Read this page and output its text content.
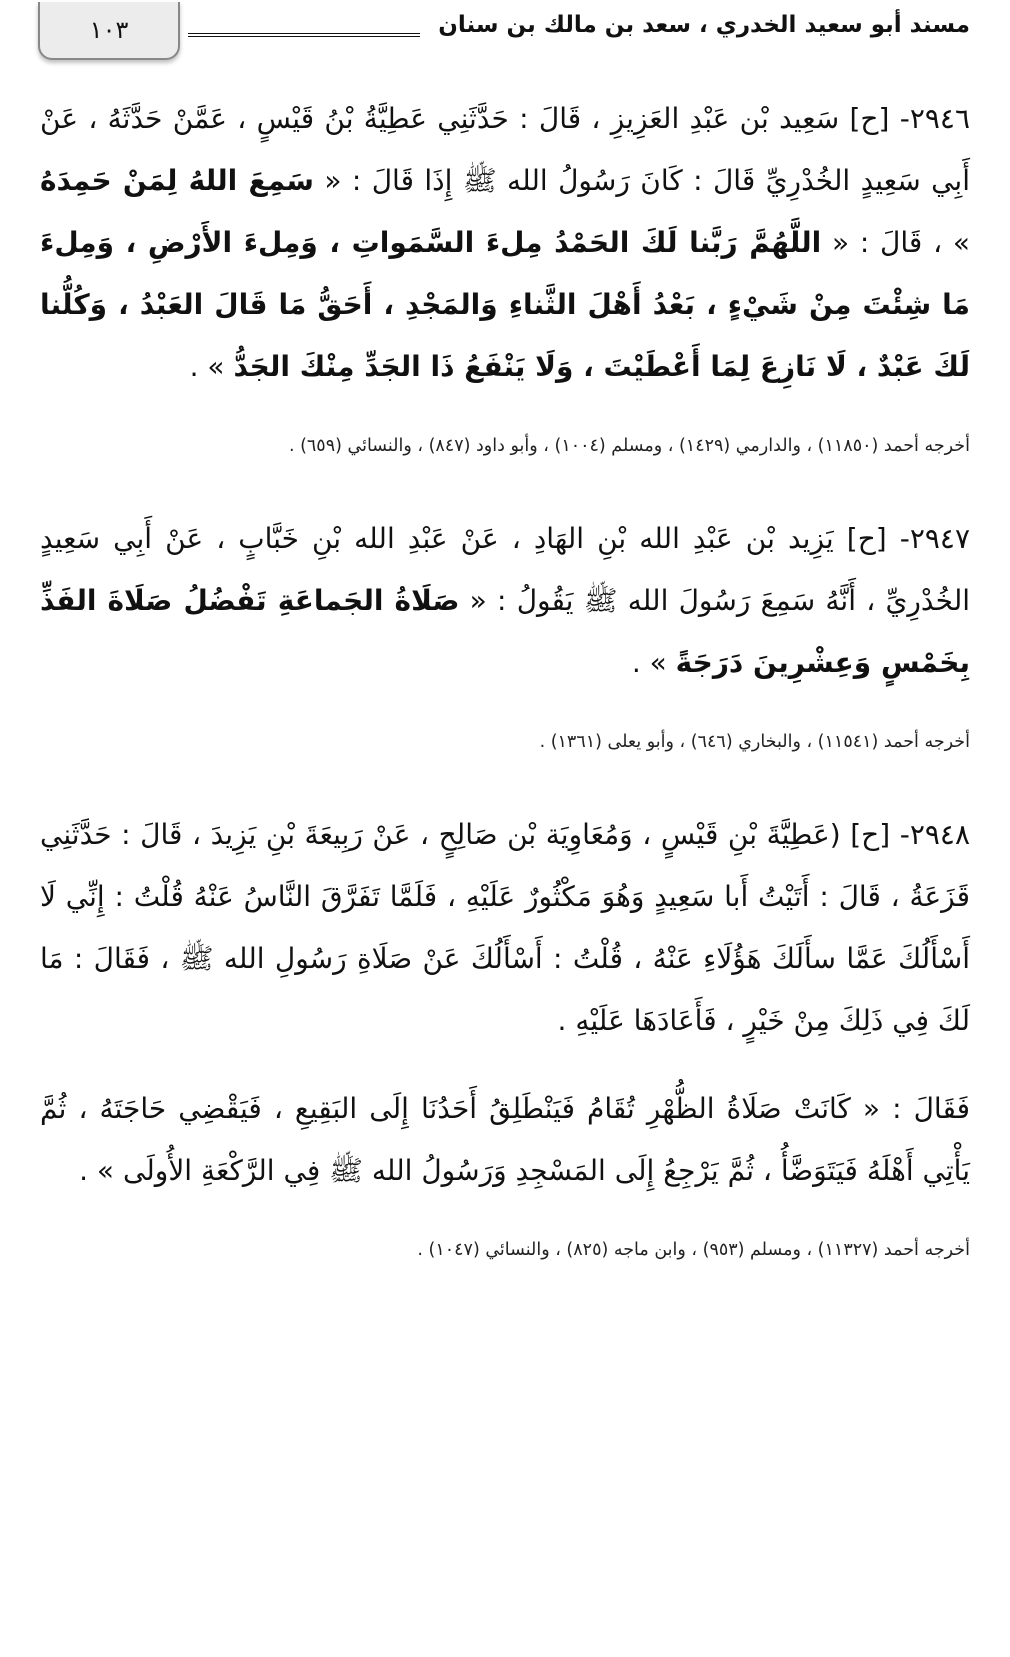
١٠٣	مسند أبو سعيد الخدري ، سعد بن مالك بن سنان

٢٩٤٦- [ح] سَعِيد بْن عَبْدِ العَزِيزِ ، قَالَ : حَدَّثَنِي عَطِيَّةُ بْنُ قَيْسٍ ، عَمَّنْ حَدَّثَهُ ، عَنْ أَبِي سَعِيدٍ الخُدْرِيِّ قَالَ : كَانَ رَسُولُ الله ﷺ إِذَا قَالَ : « سَمِعَ اللهُ لِمَنْ حَمِدَهُ » ، قَالَ : « اللَّهُمَّ رَبَّنا لَكَ الحَمْدُ مِلءَ السَّمَواتِ ، وَمِلءَ الأَرْضِ ، وَمِلءَ مَا شِئْتَ مِنْ شَيْءٍ ، بَعْدُ أَهْلَ الثَّناءِ وَالمَجْدِ ، أَحَقُّ مَا قَالَ العَبْدُ ، وَكُلُّنا لَكَ عَبْدٌ ، لَا نَازِعَ لِمَا أَعْطَيْتَ ، وَلَا يَنْفَعُ ذَا الجَدِّ مِنْكَ الجَدُّ » .

أخرجه أحمد (١١٨٥٠) ، والدارمي (١٤٢٩) ، ومسلم (١٠٠٤) ، وأبو داود (٨٤٧) ، والنسائي (٦٥٩) .

٢٩٤٧- [ح] يَزِيد بْن عَبْدِ الله بْنِ الهَادِ ، عَنْ عَبْدِ الله بْنِ خَبَّابٍ ، عَنْ أَبِي سَعِيدٍ الخُدْرِيِّ ، أَنَّهُ سَمِعَ رَسُولَ الله ﷺ يَقُولُ : « صَلَاةُ الجَماعَةِ تَفْضُلُ صَلَاةَ الفَذِّ بِخَمْسٍ وَعِشْرِينَ دَرَجَةً » .

أخرجه أحمد (١١٥٤١) ، والبخاري (٦٤٦) ، وأبو يعلى (١٣٦١) .

٢٩٤٨- [ح] (عَطِيَّةَ بْنِ قَيْسٍ ، وَمُعَاوِيَة بْن صَالِحٍ ، عَنْ رَبِيعَةَ بْنِ يَزِيدَ ، قَالَ : حَدَّثَنِي قَزَعَةُ ، قَالَ : أَتَيْتُ أَبا سَعِيدٍ وَهُوَ مَكْثُورٌ عَلَيْهِ ، فَلَمَّا تَفَرَّقَ النَّاسُ عَنْهُ قُلْتُ : إِنِّي لَا أَسْأَلُكَ عَمَّا سأَلَكَ هَؤُلَاءِ عَنْهُ ، قُلْتُ : أَسْأَلُكَ عَنْ صَلَاةِ رَسُولِ الله ﷺ ، فَقَالَ : مَا لَكَ فِي ذَلِكَ مِنْ خَيْرٍ ، فَأَعَادَهَا عَلَيْهِ .

فَقَالَ : « كَانَتْ صَلَاةُ الظُّهْرِ تُقَامُ فَيَنْطَلِقُ أَحَدُنَا إِلَى البَقِيعِ ، فَيَقْضِي حَاجَتَهُ ، ثُمَّ يَأْتِي أَهْلَهُ فَيَتَوَضَّأُ ، ثُمَّ يَرْجِعُ إِلَى المَسْجِدِ وَرَسُولُ الله ﷺ فِي الرَّكْعَةِ الأُولَى » .

أخرجه أحمد (١١٣٢٧) ، ومسلم (٩٥٣) ، وابن ماجه (٨٢٥) ، والنسائي (١٠٤٧) .
